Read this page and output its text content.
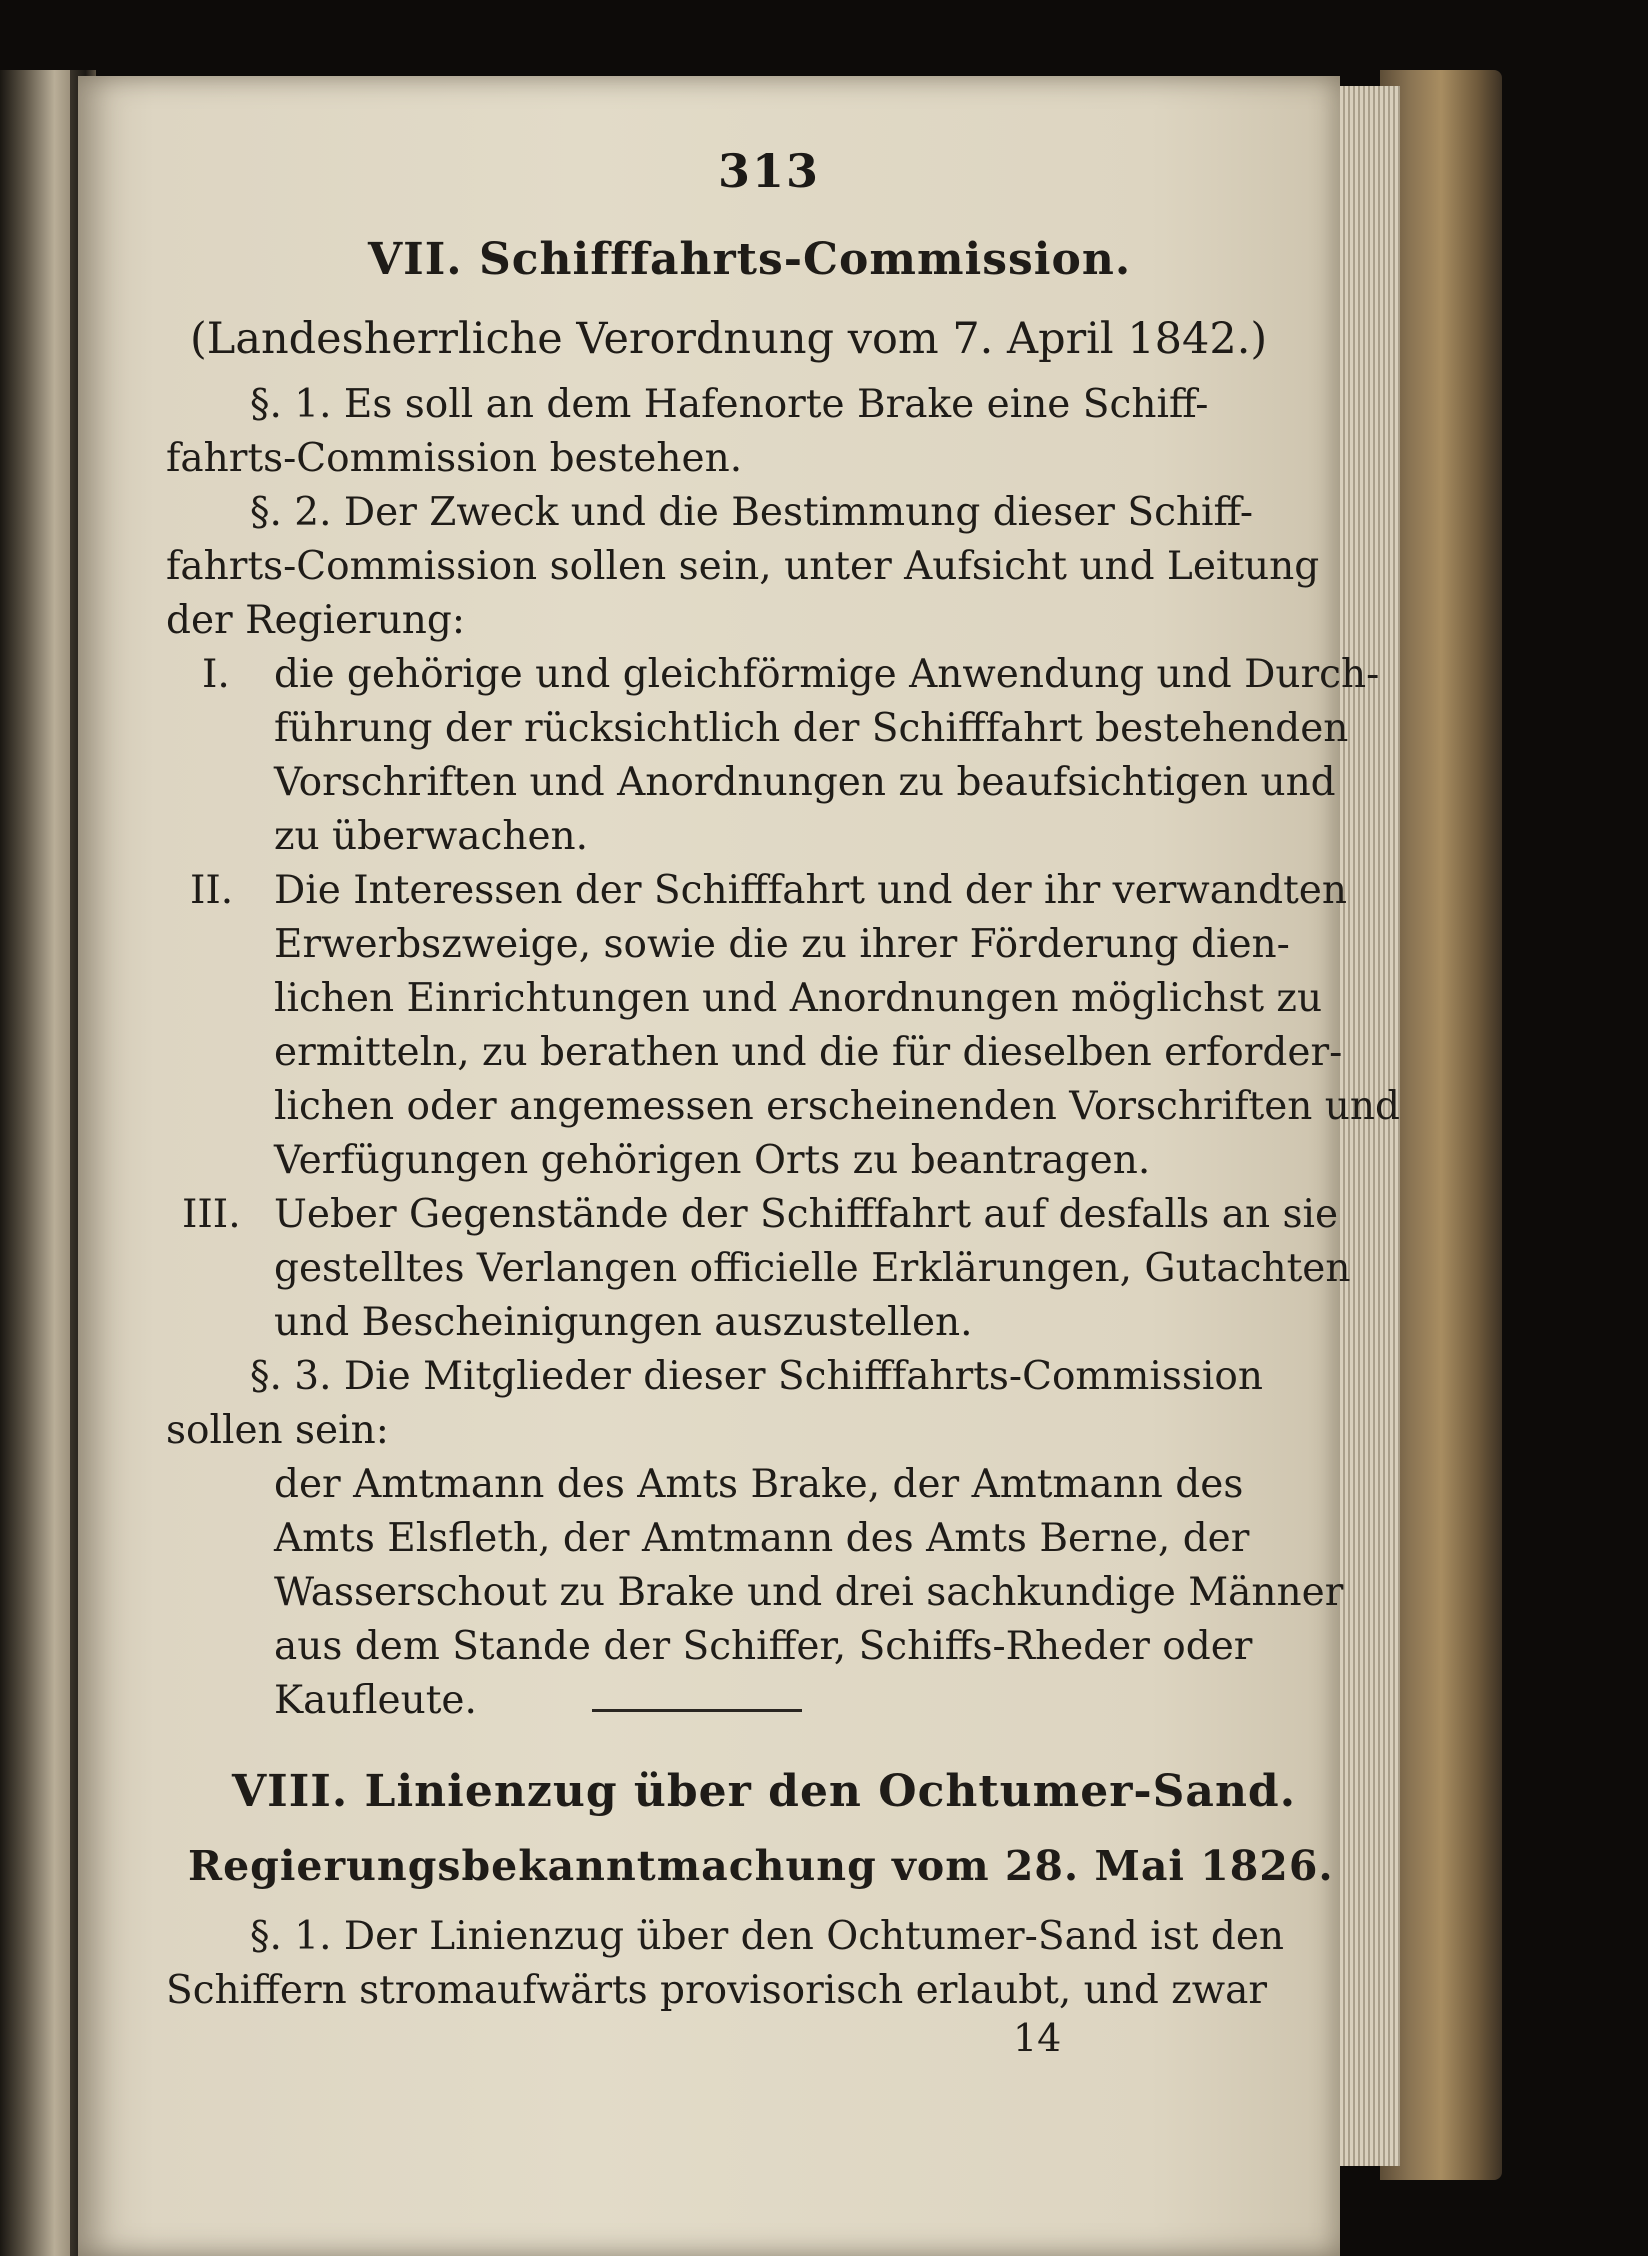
313
VII. Schifffahrts-Commission.
(Landesherrliche Verordnung vom 7. April 1842.)
§. 1. Es soll an dem Hafenorte Brake eine Schiff-
fahrts-Commission bestehen.
§. 2. Der Zweck und die Bestimmung dieser Schiff-
fahrts-Commission sollen sein, unter Aufsicht und Leitung
der Regierung:
I. die gehörige und gleichförmige Anwendung und Durch-
führung der rücksichtlich der Schifffahrt bestehenden
Vorschriften und Anordnungen zu beaufsichtigen und
zu überwachen.
II. Die Interessen der Schifffahrt und der ihr verwandten
Erwerbszweige, sowie die zu ihrer Förderung dien-
lichen Einrichtungen und Anordnungen möglichst zu
ermitteln, zu berathen und die für dieselben erforder-
lichen oder angemessen erscheinenden Vorschriften und
Verfügungen gehörigen Orts zu beantragen.
III. Ueber Gegenstände der Schifffahrt auf desfalls an sie
gestelltes Verlangen officielle Erklärungen, Gutachten
und Bescheinigungen auszustellen.
§. 3. Die Mitglieder dieser Schifffahrts-Commission
sollen sein:
der Amtmann des Amts Brake, der Amtmann des
Amts Elsfleth, der Amtmann des Amts Berne, der
Wasserschout zu Brake und drei sachkundige Männer
aus dem Stande der Schiffer, Schiffs-Rheder oder
Kaufleute.
VIII. Linienzug über den Ochtumer-Sand.
Regierungsbekanntmachung vom 28. Mai 1826.
§. 1. Der Linienzug über den Ochtumer-Sand ist den
Schiffern stromaufwärts provisorisch erlaubt, und zwar
14
